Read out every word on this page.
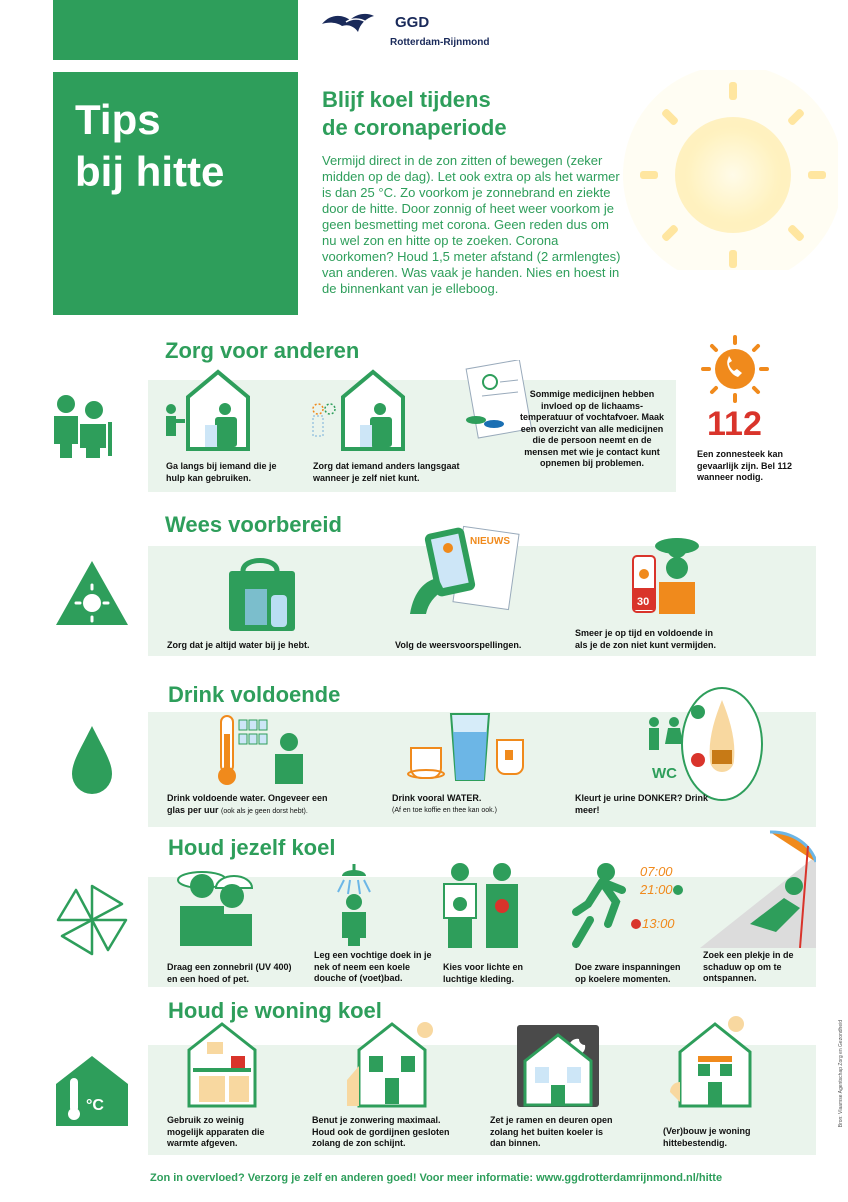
GGD
Rotterdam-Rijnmond
Tips
bij hitte
Blijf koel tijdens
de coronaperiode
Vermijd direct in de zon zitten of bewegen (zeker midden op de dag). Let ook extra op als het warmer is dan 25 °C. Zo voorkom je zonnebrand en ziekte door de hitte. Door zonnig of heet weer voorkom je geen besmetting met corona. Geen reden dus om nu wel zon en hitte op te zoeken. Corona voorkomen? Houd 1,5 meter afstand (2 armlengtes) van anderen. Was vaak je handen. Nies en hoest in de binnenkant van je elleboog.
Zorg voor anderen
Ga langs bij iemand die je hulp kan gebruiken.
Zorg dat iemand anders langsgaat wanneer je zelf niet kunt.
Sommige medicijnen hebben invloed op de lichaams-temperatuur of vochtafvoer. Maak een overzicht van alle medicijnen die de persoon neemt en de mensen met wie je contact kunt opnemen bij problemen.
112
Een zonnesteek kan gevaarlijk zijn. Bel 112 wanneer nodig.
Wees voorbereid
Zorg dat je altijd water bij je hebt.
NIEUWS
Volg de weersvoorspellingen.
30
Smeer je op tijd en voldoende in als je de zon niet kunt vermijden.
Drink voldoende
Drink voldoende water. Ongeveer een glas per uur (ook als je geen dorst hebt).
Drink vooral WATER.
(Af en toe koffie en thee kan ook.)
WC
Kleurt je urine DONKER? Drink meer!
Houd jezelf koel
Draag een zonnebril (UV 400) en een hoed of pet.
Leg een vochtige doek in je nek of neem een koele douche of (voet)bad.
Kies voor lichte en luchtige kleding.
07:00
21:00
13:00
Doe zware inspanningen op koelere momenten.
Zoek een plekje in de schaduw op om te ontspannen.
Houd je woning koel
°C
Gebruik zo weinig mogelijk apparaten die warmte afgeven.
Benut je zonwering maximaal. Houd ook de gordijnen gesloten zolang de zon schijnt.
Zet je ramen en deuren open zolang het buiten koeler is dan binnen.
(Ver)bouw je woning hittebestendig.
Zon in overvloed? Verzorg je zelf en anderen goed! Voor meer informatie: www.ggdrotterdamrijnmond.nl/hitte
Bron: Vlaamse Agentschap Zorg en Gezondheid
